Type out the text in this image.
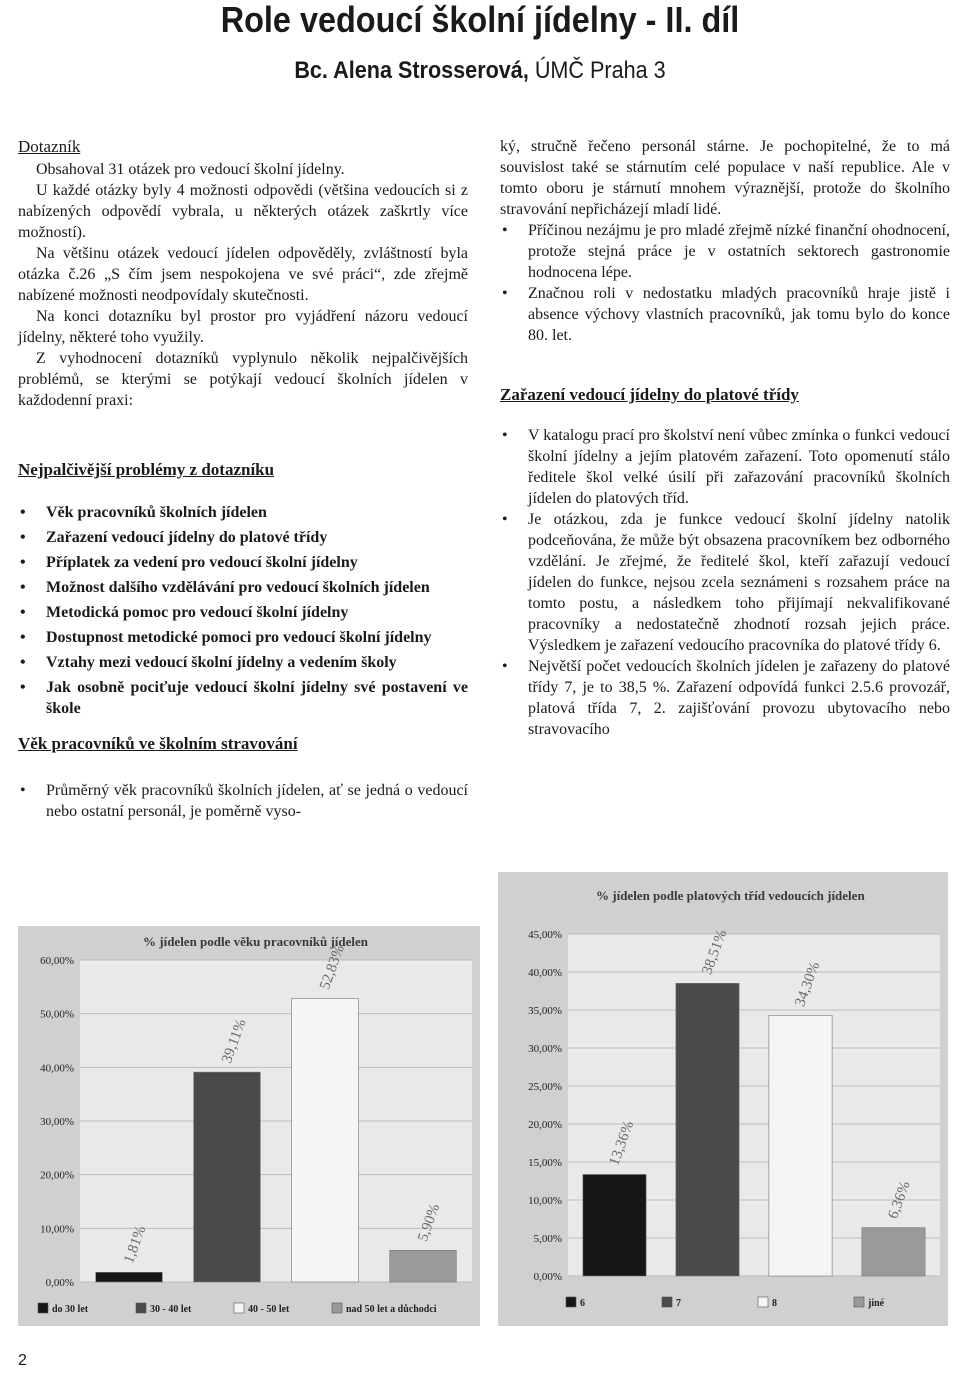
Role vedoucí školní jídelny - II. díl
Bc. Alena Strosserová, ÚMČ Praha 3
Dotazník

Obsahoval 31 otázek pro vedoucí školní jídelny.

U každé otázky byly 4 možnosti odpovědi (většina vedoucích si z nabízených odpovědí vybrala, u některých otázek zaškrtly více možností).

Na většinu otázek vedoucí jídelen odpověděly, zvláštností byla otázka č.26 „S čím jsem nespokojena ve své práci“, zde zřejmě nabízené možnosti neodpovídaly skutečnosti.

Na konci dotazníku byl prostor pro vyjádření názoru vedoucí jídelny, některé toho využily.

Z vyhodnocení dotazníků vyplynulo několik nejpalčivějších problémů, se kterými se potýkají vedoucí školních jídelen v každodenní praxi:

Nejpalčivější problémy z dotazníku
• Věk pracovníků školních jídelen
• Zařazení vedoucí jídelny do platové třídy
• Příplatek za vedení pro vedoucí školní jídelny
• Možnost dalšího vzdělávání pro vedoucí školních jídelen
• Metodická pomoc pro vedoucí školní jídelny
• Dostupnost metodické pomoci pro vedoucí školní jídelny
• Vztahy mezi vedoucí školní jídelny a vedením školy
• Jak osobně pociťuje vedoucí školní jídelny své postavení ve škole
Věk pracovníků ve školním stravování
• Průměrný věk pracovníků školních jídelen, ať se jedná o vedoucí nebo ostatní personál, je poměrně vyso-

ký, stručně řečeno personál stárne. Je pochopitelné, že to má souvislost také se stárnutím celé populace v naší republice. Ale v tomto oboru je stárnutí mnohem výraznější, protože do školního stravování nepřicházejí mladí lidé.

• Příčinou nezájmu je pro mladé zřejmě nízké finanční ohodnocení, protože stejná práce je v ostatních sektorech gastronomie hodnocena lépe.
• Značnou roli v nedostatku mladých pracovníků hraje jistě i absence výchovy vlastních pracovníků, jak tomu bylo do konce 80. let.
Zařazení vedoucí jídelny do platové třídy
• V katalogu prací pro školství není vůbec zmínka o funkci vedoucí školní jídelny a jejím platovém zařazení. Toto opomenutí stálo ředitele škol velké úsilí při zařazování pracovníků školních jídelen do platových tříd.
• Je otázkou, zda je funkce vedoucí školní jídelny natolik podceňována, že může být obsazena pracovníkem bez odborného vzdělání. Je zřejmé, že ředitelé škol, kteří zařazují vedoucí jídelen do funkce, nejsou zcela seznámeni s rozsahem práce na tomto postu, a následkem toho přijímají nekvalifikované pracovníky a nedostatečně zhodnotí rozsah jejich práce. Výsledkem je zařazení vedoucího pracovníka do platové třídy 6.
• Největší počet vedoucích školních jídelen je zařazeny do platové třídy 7, je to 38,5 %. Zařazení odpovídá funkci 2.5.6 provozář, platová třída 7, 2. zajišťování provozu ubytovacího nebo stravovacího
% jídelen podle věku pracovníků jídelen
60,00%
50,00%
40,00%
30,00%
20,00%
10,00%
0,00%
1,81%
39,11%
52,83%
5,90%
do 30 let	30 - 40 let	40 - 50 let	nad 50 let a důchodci
% jídelen podle platových tříd vedoucích jídelen
45,00%
40,00%
35,00%
30,00%
25,00%
20,00%
15,00%
10,00%
5,00%
0,00%
13,36%
38,51%
34,30%
6,36%
6	7	8	jiné
2
